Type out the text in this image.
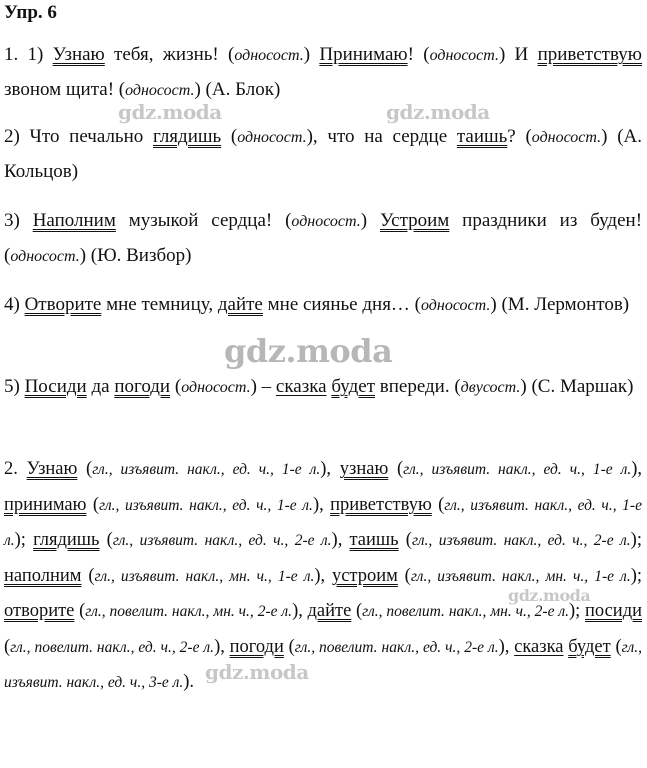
Упр. 6
1. 1) Узнаю тебя, жизнь! (односост.) Принимаю! (односост.) И приветствую звоном щита! (односост.) (А. Блок)
2) Что печально глядишь (односост.), что на сердце таишь? (односост.) (А. Кольцов)
3) Наполним музыкой сердца! (односост.) Устроим праздники из буден! (односост.) (Ю. Визбор)
4) Отворите мне темницу, дайте мне сиянье дня… (односост.) (М. Лермонтов)
5) Посиди да погоди (односост.) – сказка будет впереди. (двусост.) (С. Маршак)
2. Узнаю (гл., изъявит. накл., ед. ч., 1-е л.), узнаю (гл., изъявит. накл., ед. ч., 1-е л.), принимаю (гл., изъявит. накл., ед. ч., 1-е л.), приветствую (гл., изъявит. накл., ед. ч., 1-е л.); глядишь (гл., изъявит. накл., ед. ч., 2-е л.), таишь (гл., изъявит. накл., ед. ч., 2-е л.); наполним (гл., изъявит. накл., мн. ч., 1-е л.), устроим (гл., изъявит. накл., мн. ч., 1-е л.); отворите (гл., повелит. накл., мн. ч., 2-е л.), дайте (гл., повелит. накл., мн. ч., 2-е л.); посиди (гл., повелит. накл., ед. ч., 2-е л.), погоди (гл., повелит. накл., ед. ч., 2-е л.), сказка будет (гл., изъявит. накл., ед. ч., 3-е л.).
gdz.moda	gdz.moda
gdz.moda
gdz.moda
gdz.moda
